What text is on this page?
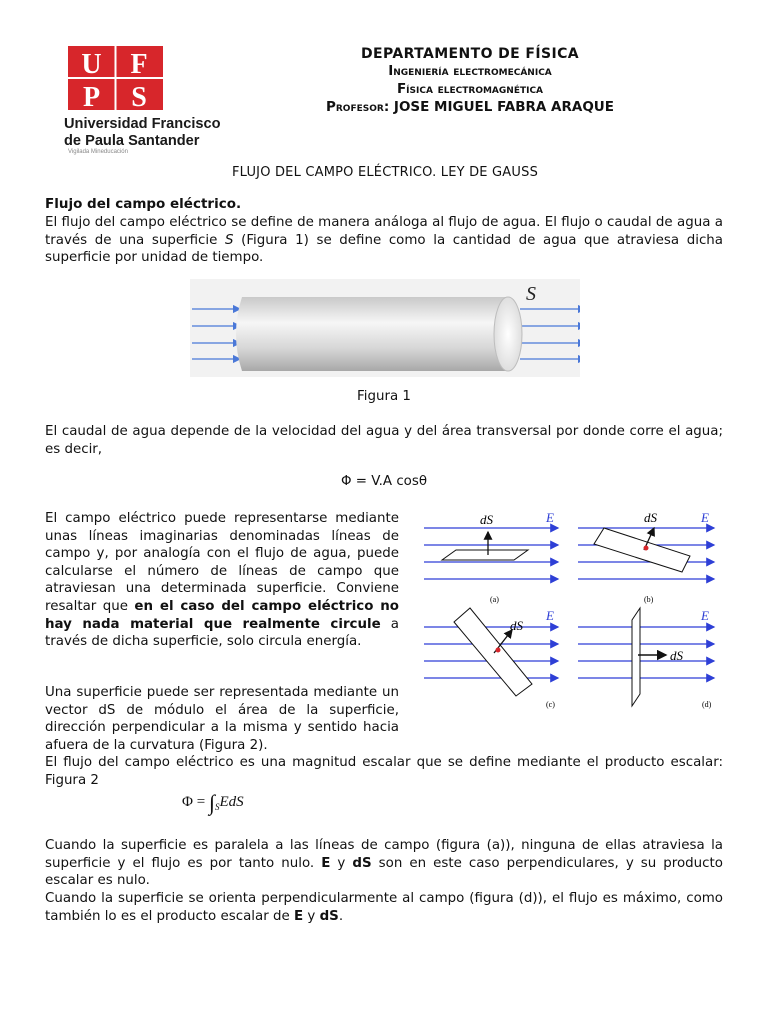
U F
P S
Universidad Francisco
de Paula Santander
Vigilada Mineducación
DEPARTAMENTO DE FÍSICA
Ingeniería electromecánica
Física electromagnética
Profesor: JOSE MIGUEL FABRA ARAQUE
FLUJO DEL CAMPO ELÉCTRICO. LEY DE GAUSS
Flujo del campo eléctrico.
El flujo del campo eléctrico se define de manera análoga al flujo de agua. El flujo o caudal de agua a través de una superficie S (Figura 1) se define como la cantidad de agua que atraviesa dicha superficie por unidad de tiempo.
S
Figura 1
El caudal de agua depende de la velocidad del agua y del área transversal por donde corre el agua; es decir,
Φ = V.A cosθ
El campo eléctrico puede representarse mediante unas líneas imaginarias denominadas líneas de campo y, por analogía con el flujo de agua, puede calcularse el número de líneas de campo que atraviesan una determinada superficie. Conviene resaltar que en el caso del campo eléctrico no hay nada material que realmente circule a través de dicha superficie, solo circula energía.
dS	E
(a)
dS	E
(b)
dS
E
(c)
dS
E
(d)
Una superficie puede ser representada mediante un vector dS de módulo el área de la superficie, dirección perpendicular a la misma y sentido hacia afuera de la curvatura (Figura 2).
El flujo del campo eléctrico es una magnitud escalar que se define mediante el producto escalar: Figura 2
$\Phi = \int_SEdS$
Cuando la superficie es paralela a las líneas de campo (figura (a)), ninguna de ellas atraviesa la superficie y el flujo es por tanto nulo. E y dS son en este caso perpendiculares, y su producto escalar es nulo.
Cuando la superficie se orienta perpendicularmente al campo (figura (d)), el flujo es máximo, como también lo es el producto escalar de E y dS.
